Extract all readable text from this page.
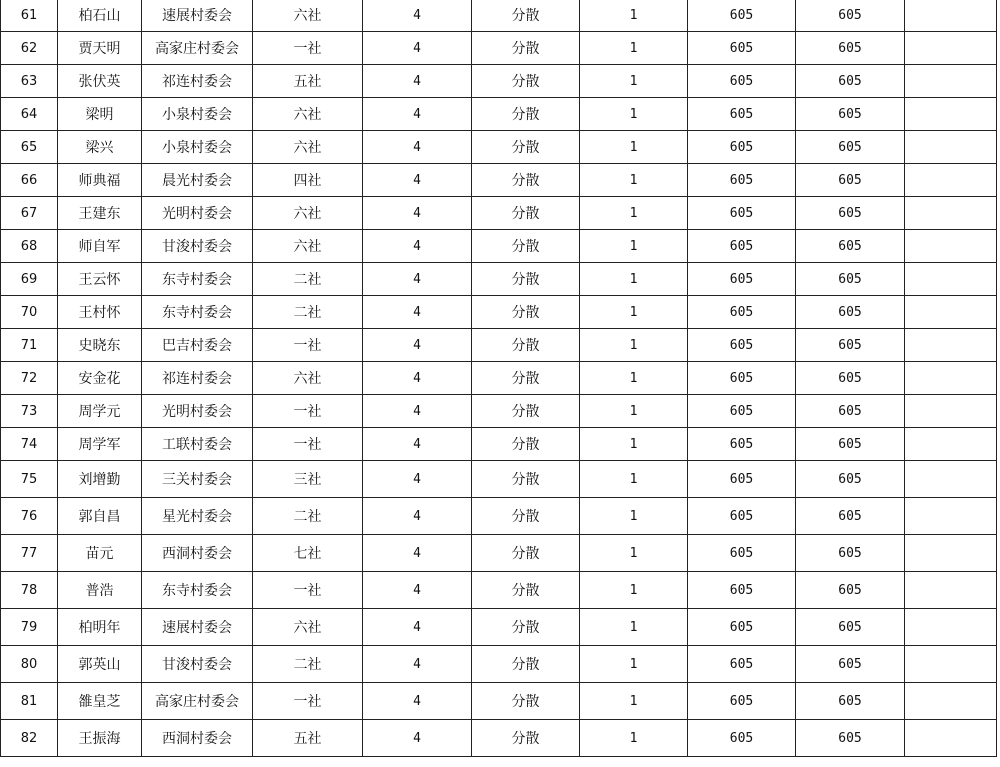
61	柏石山	速展村委会	六社	4	分散	1	605	605	
62	贾天明	高家庄村委会	一社	4	分散	1	605	605	
63	张伏英	祁连村委会	五社	4	分散	1	605	605	
64	梁明	小泉村委会	六社	4	分散	1	605	605	
65	梁兴	小泉村委会	六社	4	分散	1	605	605	
66	师典福	晨光村委会	四社	4	分散	1	605	605	
67	王建东	光明村委会	六社	4	分散	1	605	605	
68	师自军	甘浚村委会	六社	4	分散	1	605	605	
69	王云怀	东寺村委会	二社	4	分散	1	605	605	
70	王村怀	东寺村委会	二社	4	分散	1	605	605	
71	史晓东	巴吉村委会	一社	4	分散	1	605	605	
72	安金花	祁连村委会	六社	4	分散	1	605	605	
73	周学元	光明村委会	一社	4	分散	1	605	605	
74	周学军	工联村委会	一社	4	分散	1	605	605	
75	刘增勤	三关村委会	三社	4	分散	1	605	605	
76	郭自昌	星光村委会	二社	4	分散	1	605	605	
77	苗元	西洞村委会	七社	4	分散	1	605	605	
78	普浩	东寺村委会	一社	4	分散	1	605	605	
79	柏明年	速展村委会	六社	4	分散	1	605	605	
80	郭英山	甘浚村委会	二社	4	分散	1	605	605	
81	雒皇芝	高家庄村委会	一社	4	分散	1	605	605	
82	王振海	西洞村委会	五社	4	分散	1	605	605	
